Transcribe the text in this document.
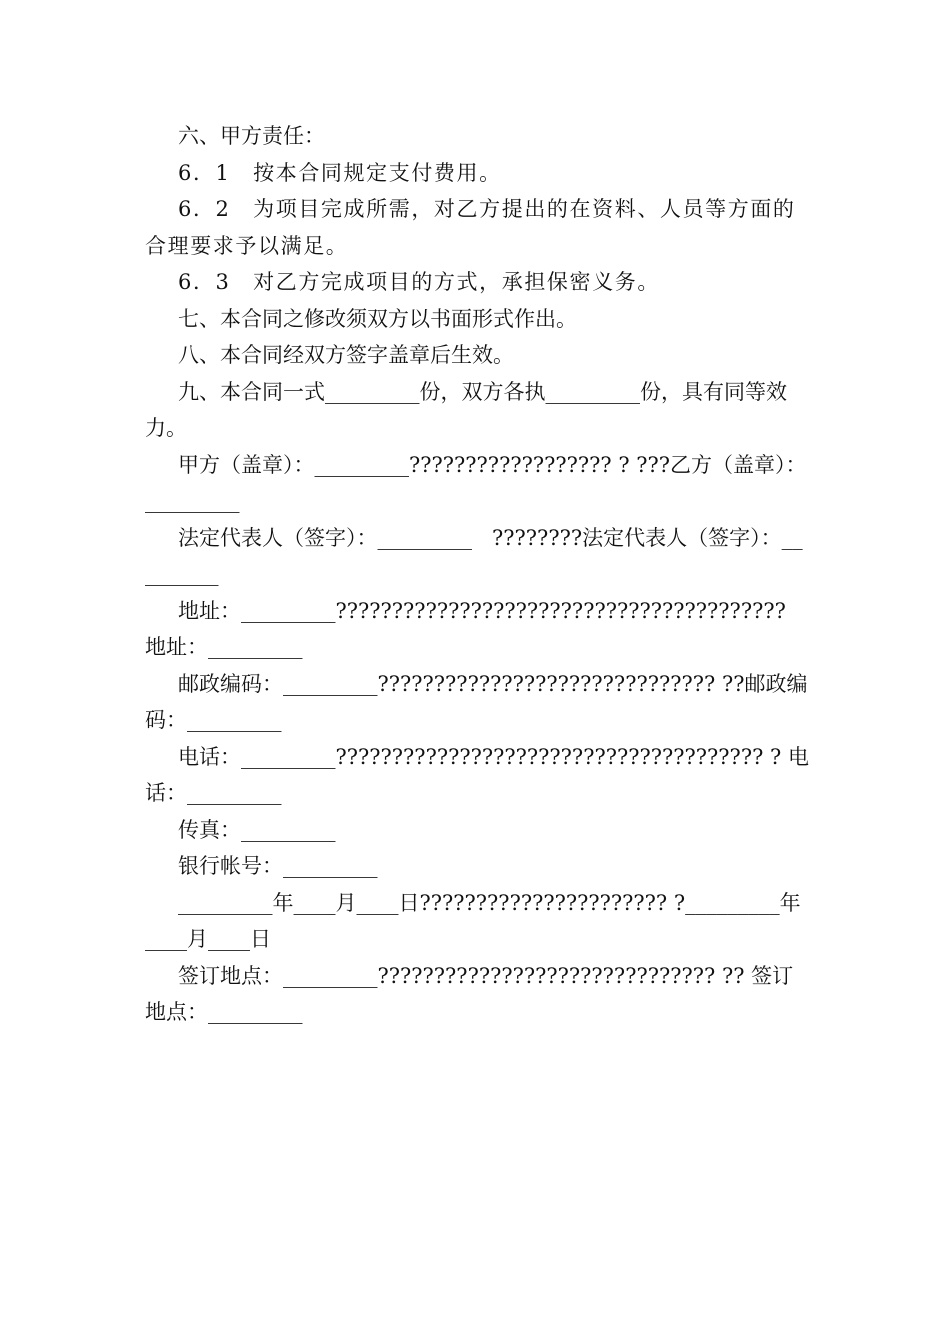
六、甲方责任：

6．1　按本合同规定支付费用。

6．2　为项目完成所需，对乙方提出的在资料、人员等方面的合理要求予以满足。

6．3　对乙方完成项目的方式，承担保密义务。

七、本合同之修改须双方以书面形式作出。

八、本合同经双方签字盖章后生效。

九、本合同一式_________份，双方各执_________份，具有同等效力。

甲方（盖章）：_________?????????????????? ? ???乙方（盖章）：_________

法定代表人（签字）：_________   ????????法定代表人（签字）：_________

地址：_________???????????????????????????????????????? 地址：_________

邮政编码：_________?????????????????????????????? ??邮政编码：_________

电话：_________?????????????????????????????????????? ? 电话：_________

传真：_________

银行帐号：_________

_________年____月____日?????????????????????? ?_________年____月____日

签订地点：_________?????????????????????????????? ?? 签订地点：_________
